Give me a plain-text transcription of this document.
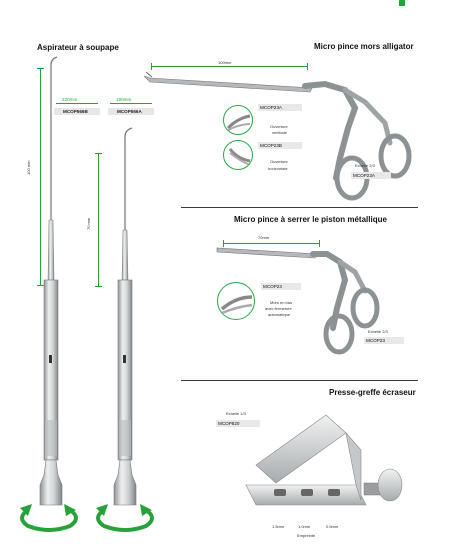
Aspirateur à soupape
220mm	190mm
MCOP566B	MCOP566A
100 mm
70 mm
Micro pince mors alligator
100mm
MCOP23A
Ouverture
verticale
MCOP23B
Ouverture
horizontale
Echelle 2/3
MCOP23A
Micro pince à serrer le piston métallique
70mm
MCOP23
Mors en bas
avec fermeture
automatique
Echelle 2/3
MCOP23
Presse-greffe écraseur
Echelle 1/3
MCOP820
1.5mm	1.0mm	0.5mm
Empreinte
